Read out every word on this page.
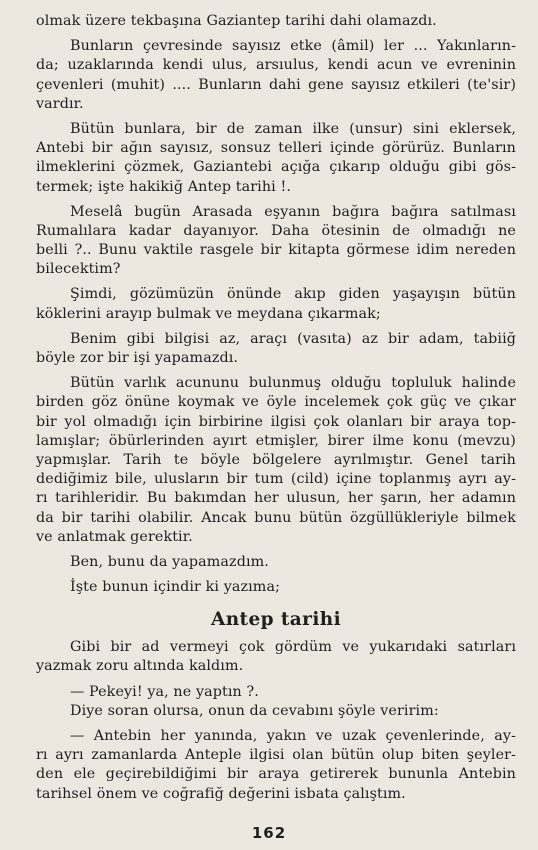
olmak üzere tekbaşına Gaziantep tarihi dahi olamazdı.
Bunların çevresinde sayısız etke (âmil) ler ... Yakınların-
da; uzaklarında kendi ulus, arsıulus, kendi acun ve evreninin
çevenleri (muhit) .... Bunların dahi gene sayısız etkileri (te'sir)
vardır.
Bütün bunlara, bir de zaman ilke (unsur) sini eklersek,
Antebi bir ağın sayısız, sonsuz telleri içinde görürüz. Bunların
ilmeklerini çözmek, Gaziantebi açığa çıkarıp olduğu gibi gös-
termek; işte hakikiğ Antep tarihi !.
Meselâ bugün Arasada eşyanın bağıra bağıra satılması
Rumalılara kadar dayanıyor. Daha ötesinin de olmadığı ne
belli ?.. Bunu vaktile rasgele bir kitapta görmese idim nereden
bilecektim?
Şimdi, gözümüzün önünde akıp giden yaşayışın bütün
köklerini arayıp bulmak ve meydana çıkarmak;
Benim gibi bilgisi az, araçı (vasıta) az bir adam, tabiiğ
böyle zor bir işi yapamazdı.
Bütün varlık acununu bulunmuş olduğu topluluk halinde
birden göz önüne koymak ve öyle incelemek çok güç ve çıkar
bir yol olmadığı için birbirine ilgisi çok olanları bir araya top-
lamışlar; öbürlerinden ayırt etmişler, birer ilme konu (mevzu)
yapmışlar. Tarih te böyle bölgelere ayrılmıştır. Genel tarih
dediğimiz bile, ulusların bir tum (cild) içine toplanmış ayrı ay-
rı tarihleridir. Bu bakımdan her ulusun, her şarın, her adamın
da bir tarihi olabilir. Ancak bunu bütün özgüllükleriyle bilmek
ve anlatmak gerektir.
Ben, bunu da yapamazdım.
İşte bunun içindir ki yazıma;
Antep tarihi
Gibi bir ad vermeyi çok gördüm ve yukarıdaki satırları
yazmak zoru altında kaldım.
— Pekeyi! ya, ne yaptın ?.
Diye soran olursa, onun da cevabını şöyle veririm:
— Antebin her yanında, yakın ve uzak çevenlerinde, ay-
rı ayrı zamanlarda Anteple ilgisi olan bütün olup biten şeyler-
den ele geçirebildiğimi bir araya getirerek bununla Antebin
tarihsel önem ve coğrafiğ değerini isbata çalıştım.
162
